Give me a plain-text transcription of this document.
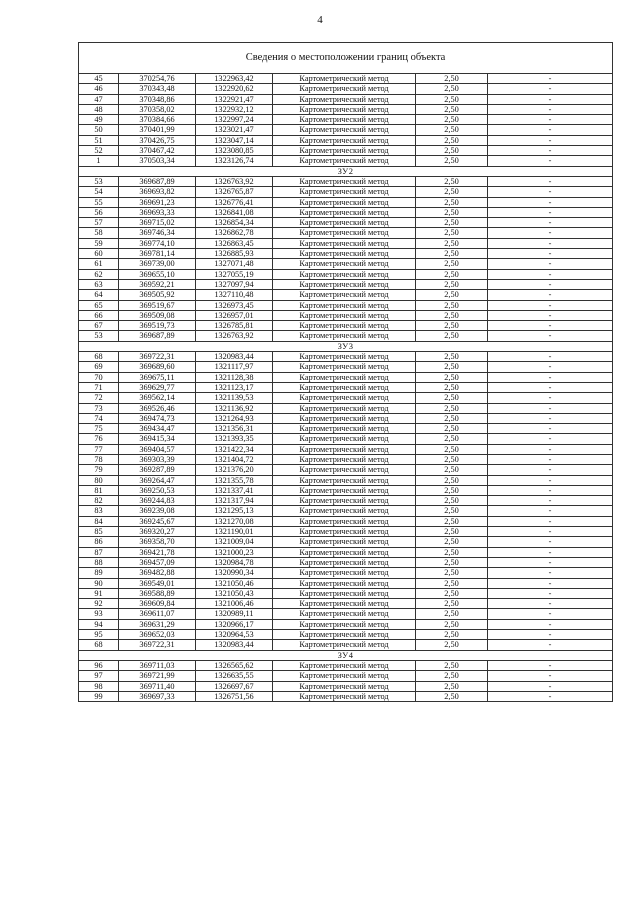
4
Сведения о местоположении границ объекта					
45	370254,76	1322963,42	Картометрический метод	2,50	-
46	370343,48	1322920,62	Картометрический метод	2,50	-
47	370348,86	1322921,47	Картометрический метод	2,50	-
48	370358,02	1322932,12	Картометрический метод	2,50	-
49	370384,66	1322997,24	Картометрический метод	2,50	-
50	370401,99	1323021,47	Картометрический метод	2,50	-
51	370426,75	1323047,14	Картометрический метод	2,50	-
52	370467,42	1323080,85	Картометрический метод	2,50	-
1	370503,34	1323126,74	Картометрический метод	2,50	-
ЗУ2					
53	369687,89	1326763,92	Картометрический метод	2,50	-
54	369693,82	1326765,87	Картометрический метод	2,50	-
55	369691,23	1326776,41	Картометрический метод	2,50	-
56	369693,33	1326841,08	Картометрический метод	2,50	-
57	369715,02	1326854,34	Картометрический метод	2,50	-
58	369746,34	1326862,78	Картометрический метод	2,50	-
59	369774,10	1326863,45	Картометрический метод	2,50	-
60	369781,14	1326885,93	Картометрический метод	2,50	-
61	369739,00	1327071,48	Картометрический метод	2,50	-
62	369655,10	1327055,19	Картометрический метод	2,50	-
63	369592,21	1327097,94	Картометрический метод	2,50	-
64	369505,92	1327110,48	Картометрический метод	2,50	-
65	369519,67	1326973,45	Картометрический метод	2,50	-
66	369509,08	1326957,01	Картометрический метод	2,50	-
67	369519,73	1326785,81	Картометрический метод	2,50	-
53	369687,89	1326763,92	Картометрический метод	2,50	-
ЗУ3					
68	369722,31	1320983,44	Картометрический метод	2,50	-
69	369689,60	1321117,97	Картометрический метод	2,50	-
70	369675,11	1321128,38	Картометрический метод	2,50	-
71	369629,77	1321123,17	Картометрический метод	2,50	-
72	369562,14	1321139,53	Картометрический метод	2,50	-
73	369526,46	1321136,92	Картометрический метод	2,50	-
74	369474,73	1321264,93	Картометрический метод	2,50	-
75	369434,47	1321356,31	Картометрический метод	2,50	-
76	369415,34	1321393,35	Картометрический метод	2,50	-
77	369404,57	1321422,34	Картометрический метод	2,50	-
78	369303,39	1321404,72	Картометрический метод	2,50	-
79	369287,89	1321376,20	Картометрический метод	2,50	-
80	369264,47	1321355,78	Картометрический метод	2,50	-
81	369250,53	1321337,41	Картометрический метод	2,50	-
82	369244,83	1321317,94	Картометрический метод	2,50	-
83	369239,08	1321295,13	Картометрический метод	2,50	-
84	369245,67	1321270,08	Картометрический метод	2,50	-
85	369320,27	1321190,01	Картометрический метод	2,50	-
86	369358,70	1321009,04	Картометрический метод	2,50	-
87	369421,78	1321000,23	Картометрический метод	2,50	-
88	369457,09	1320984,78	Картометрический метод	2,50	-
89	369482,88	1320990,34	Картометрический метод	2,50	-
90	369549,01	1321050,46	Картометрический метод	2,50	-
91	369588,89	1321050,43	Картометрический метод	2,50	-
92	369609,84	1321006,46	Картометрический метод	2,50	-
93	369611,07	1320989,11	Картометрический метод	2,50	-
94	369631,29	1320966,17	Картометрический метод	2,50	-
95	369652,03	1320964,53	Картометрический метод	2,50	-
68	369722,31	1320983,44	Картометрический метод	2,50	-
ЗУ4					
96	369711,03	1326565,62	Картометрический метод	2,50	-
97	369721,99	1326635,55	Картометрический метод	2,50	-
98	369711,40	1326697,67	Картометрический метод	2,50	-
99	369697,33	1326751,56	Картометрический метод	2,50	-
